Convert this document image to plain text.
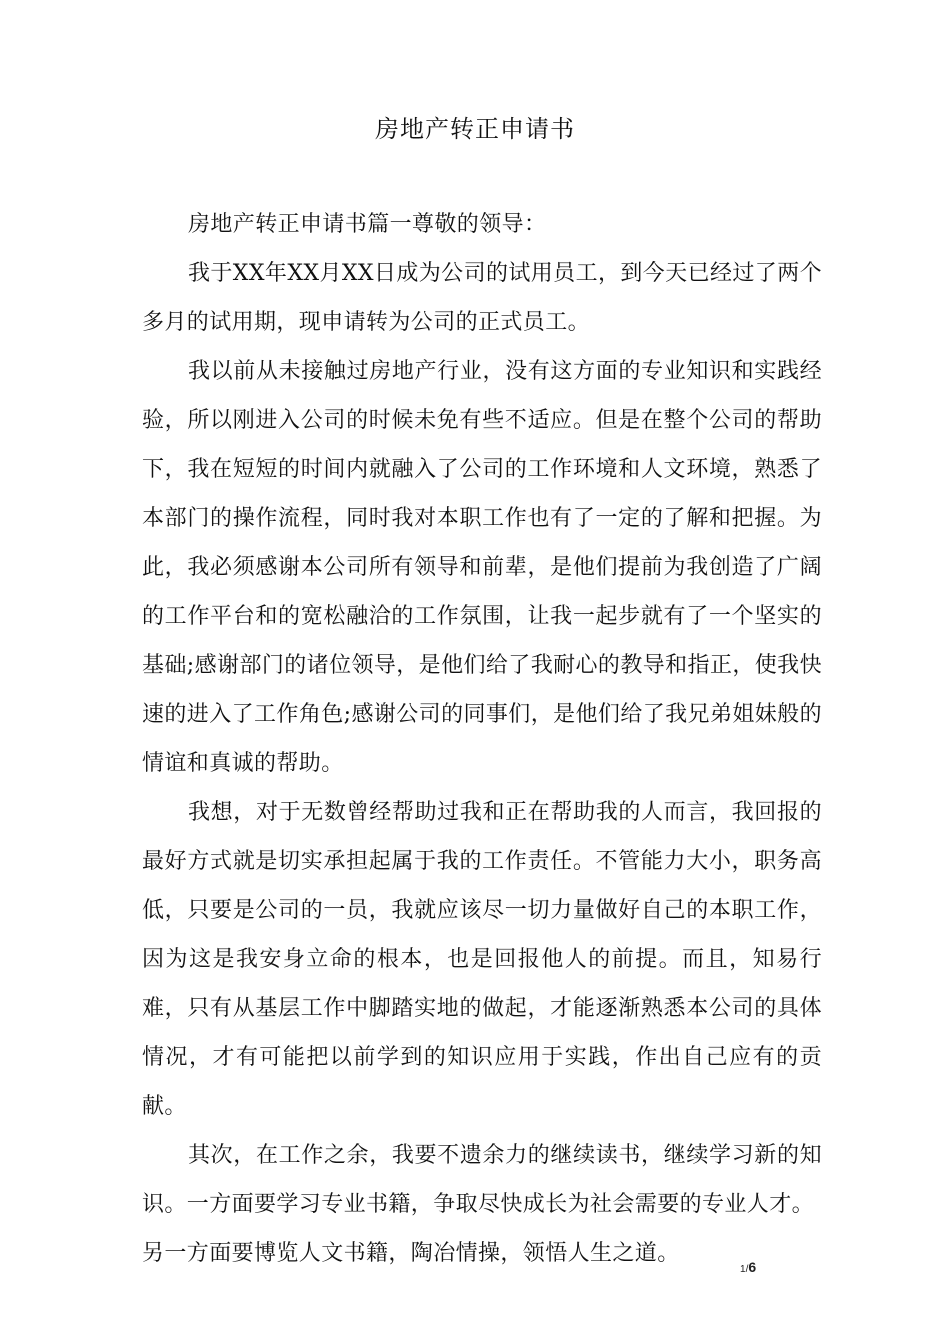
房地产转正申请书

房地产转正申请书篇一尊敬的领导：

我于XX年XX月XX日成为公司的试用员工，到今天已经过了两个多月的试用期，现申请转为公司的正式员工。

我以前从未接触过房地产行业，没有这方面的专业知识和实践经验，所以刚进入公司的时候未免有些不适应。但是在整个公司的帮助下，我在短短的时间内就融入了公司的工作环境和人文环境，熟悉了本部门的操作流程，同时我对本职工作也有了一定的了解和把握。为此，我必须感谢本公司所有领导和前辈，是他们提前为我创造了广阔的工作平台和的宽松融洽的工作氛围，让我一起步就有了一个坚实的基础;感谢部门的诸位领导，是他们给了我耐心的教导和指正，使我快速的进入了工作角色;感谢公司的同事们，是他们给了我兄弟姐妹般的情谊和真诚的帮助。

我想，对于无数曾经帮助过我和正在帮助我的人而言，我回报的最好方式就是切实承担起属于我的工作责任。不管能力大小，职务高低，只要是公司的一员，我就应该尽一切力量做好自己的本职工作，因为这是我安身立命的根本，也是回报他人的前提。而且，知易行难，只有从基层工作中脚踏实地的做起，才能逐渐熟悉本公司的具体情况，才有可能把以前学到的知识应用于实践，作出自己应有的贡献。

其次，在工作之余，我要不遗余力的继续读书，继续学习新的知识。一方面要学习专业书籍，争取尽快成长为社会需要的专业人才。

另一方面要博览人文书籍，陶冶情操，领悟人生之道。

1/6
